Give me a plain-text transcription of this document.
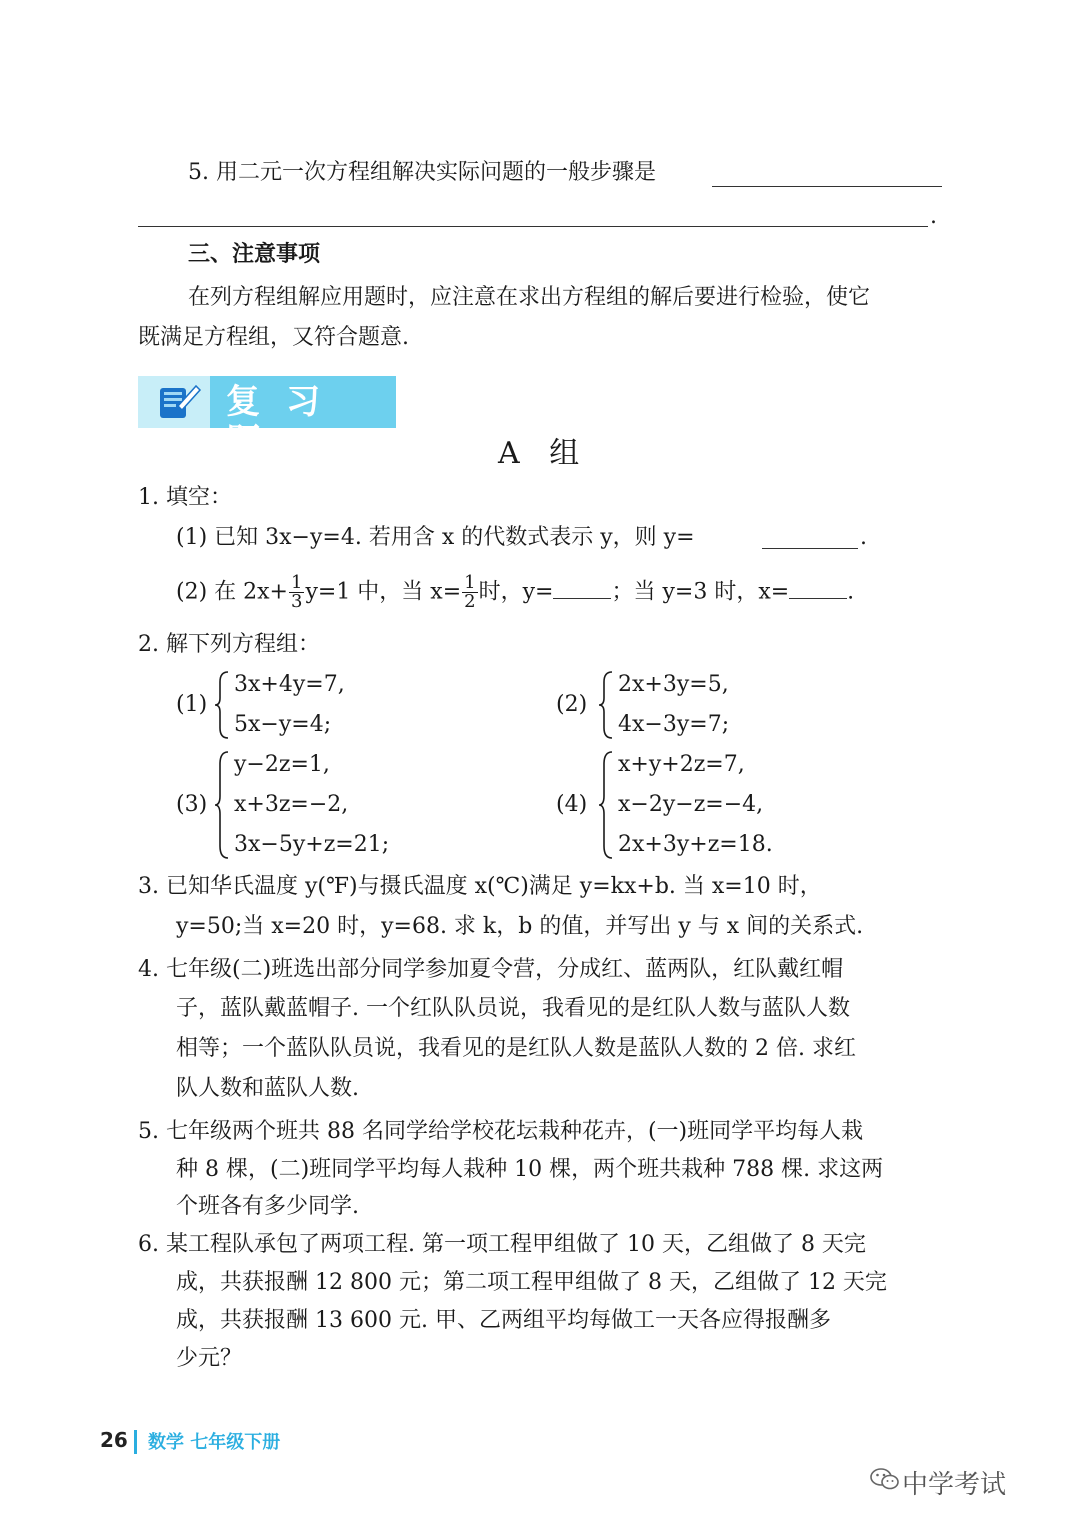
5. 用二元一次方程组解决实际问题的一般步骤是
.
三、注意事项
在列方程组解应用题时，应注意在求出方程组的解后要进行检验，使它
既满足方程组，又符合题意.
复习题	A 组
1. 填空：
(1) 已知 3x−y=4. 若用含 x 的代数式表示 y，则 y=	.
(2) 在 $2x+ \frac{1}{3} y=1$ 中，当 $x= \frac{1}{2}$ 时，y=	；当 y=3 时，x=	.
2. 解下列方程组：
(1)
3x+4y=7,
5x−y=4;
(2)
2x+3y=5,
4x−3y=7;
(3)
y−2z=1,
x+3z=−2,
3x−5y+z=21;
(4)
x+y+2z=7,
x−2y−z=−4,
2x+3y+z=18.
3. 已知华氏温度 y(℉)与摄氏温度 x(℃)满足 y=kx+b. 当 x=10 时，
y=50;当 x=20 时，y=68. 求 k，b 的值，并写出 y 与 x 间的关系式.
4. 七年级(二)班选出部分同学参加夏令营，分成红、蓝两队，红队戴红帽
子，蓝队戴蓝帽子. 一个红队队员说，我看见的是红队人数与蓝队人数
相等；一个蓝队队员说，我看见的是红队人数是蓝队人数的 2 倍. 求红
队人数和蓝队人数.
5. 七年级两个班共 88 名同学给学校花坛栽种花卉，(一)班同学平均每人栽
种 8 棵，(二)班同学平均每人栽种 10 棵，两个班共栽种 788 棵. 求这两
个班各有多少同学.
6. 某工程队承包了两项工程. 第一项工程甲组做了 10 天，乙组做了 8 天完
成，共获报酬 12 800 元；第二项工程甲组做了 8 天，乙组做了 12 天完
成，共获报酬 13 600 元. 甲、乙两组平均每做工一天各应得报酬多
少元？
26 数学 七年级下册
中学考试
